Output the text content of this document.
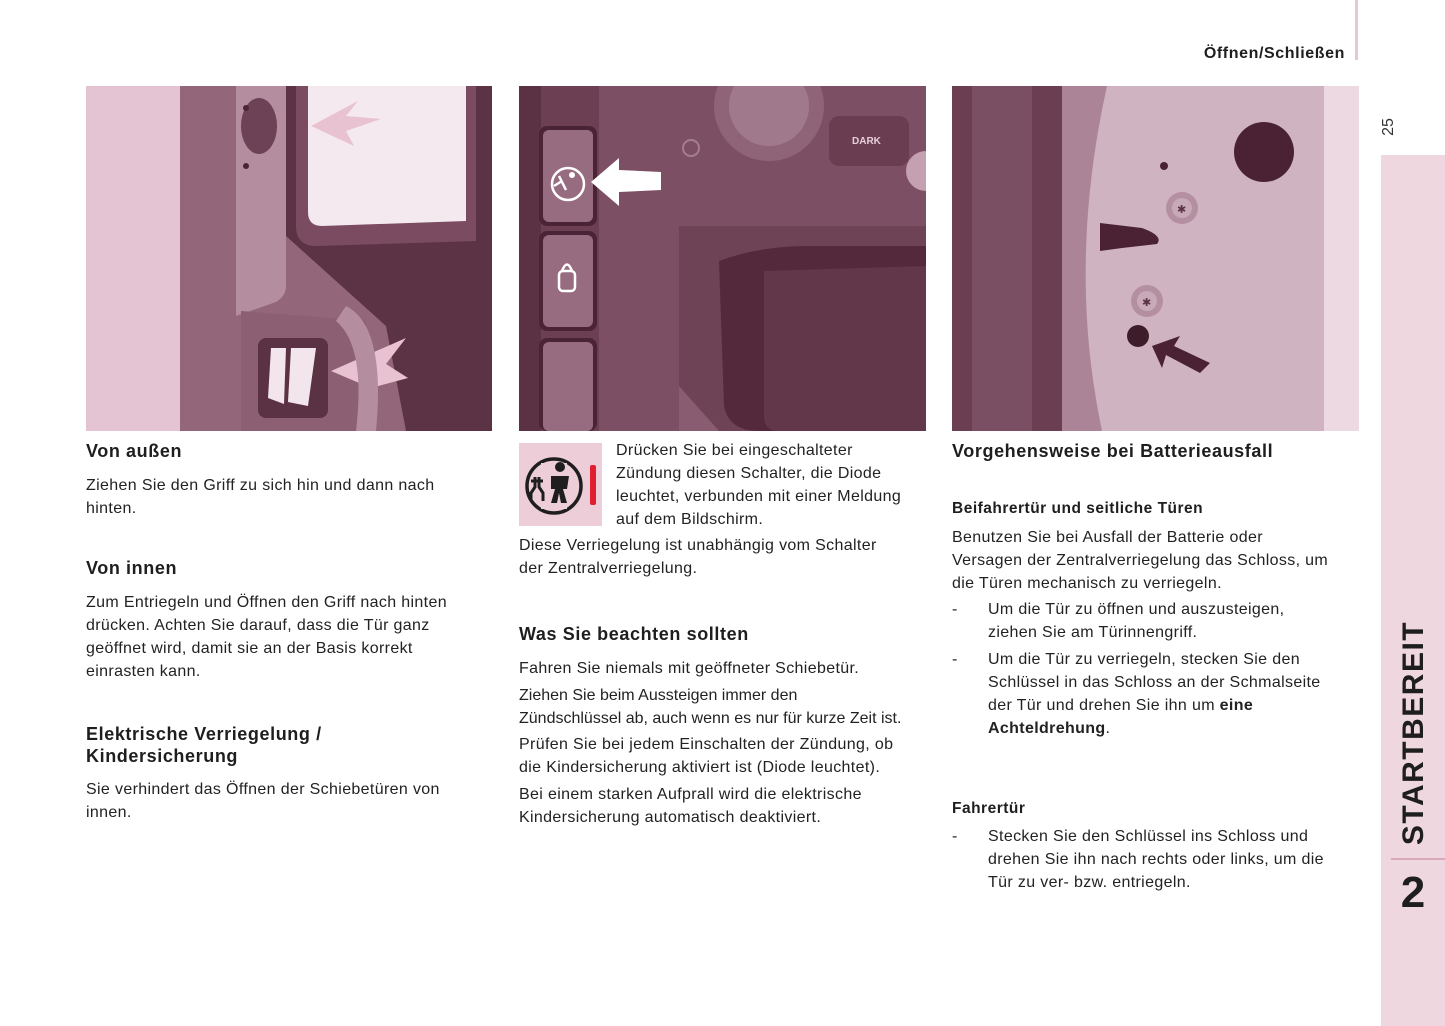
Öffnen/Schließen
25
STARTBEREIT
2
DARK
✱
✱
Von außen

Ziehen Sie den Griff zu sich hin und dann nach

hinten.

Von innen

Zum Entriegeln und Öffnen den Griff nach hinten

drücken. Achten Sie darauf, dass die Tür ganz

geöffnet wird, damit sie an der Basis korrekt

einrasten kann.

Elektrische Verriegelung /
Kindersicherung

Sie verhindert das Öffnen der Schiebetüren von

innen.

Drücken Sie bei eingeschalteter

Zündung diesen Schalter, die Diode

leuchtet, verbunden mit einer Meldung

auf dem Bildschirm.

Diese Verriegelung ist unabhängig vom Schalter

der Zentralverriegelung.

Was Sie beachten sollten

Fahren Sie niemals mit geöffneter Schiebetür.

Ziehen Sie beim Aussteigen immer den

Zündschlüssel ab, auch wenn es nur für kurze Zeit ist.

Prüfen Sie bei jedem Einschalten der Zündung, ob

die Kindersicherung aktiviert ist (Diode leuchtet).

Bei einem starken Aufprall wird die elektrische

Kindersicherung automatisch deaktiviert.

Vorgehensweise bei Batterieausfall
Beifahrertür und seitliche Türen

Benutzen Sie bei Ausfall der Batterie oder

Versagen der Zentralverriegelung das Schloss, um

die Türen mechanisch zu verriegeln.

- Um die Tür zu öffnen und auszusteigen,
ziehen Sie am Türinnengriff.
- Um die Tür zu verriegeln, stecken Sie den
Schlüssel in das Schloss an der Schmalseite
der Tür und drehen Sie ihn um eine
Achteldrehung.
Fahrertür
- Stecken Sie den Schlüssel ins Schloss und
drehen Sie ihn nach rechts oder links, um die
Tür zu ver- bzw. entriegeln.
